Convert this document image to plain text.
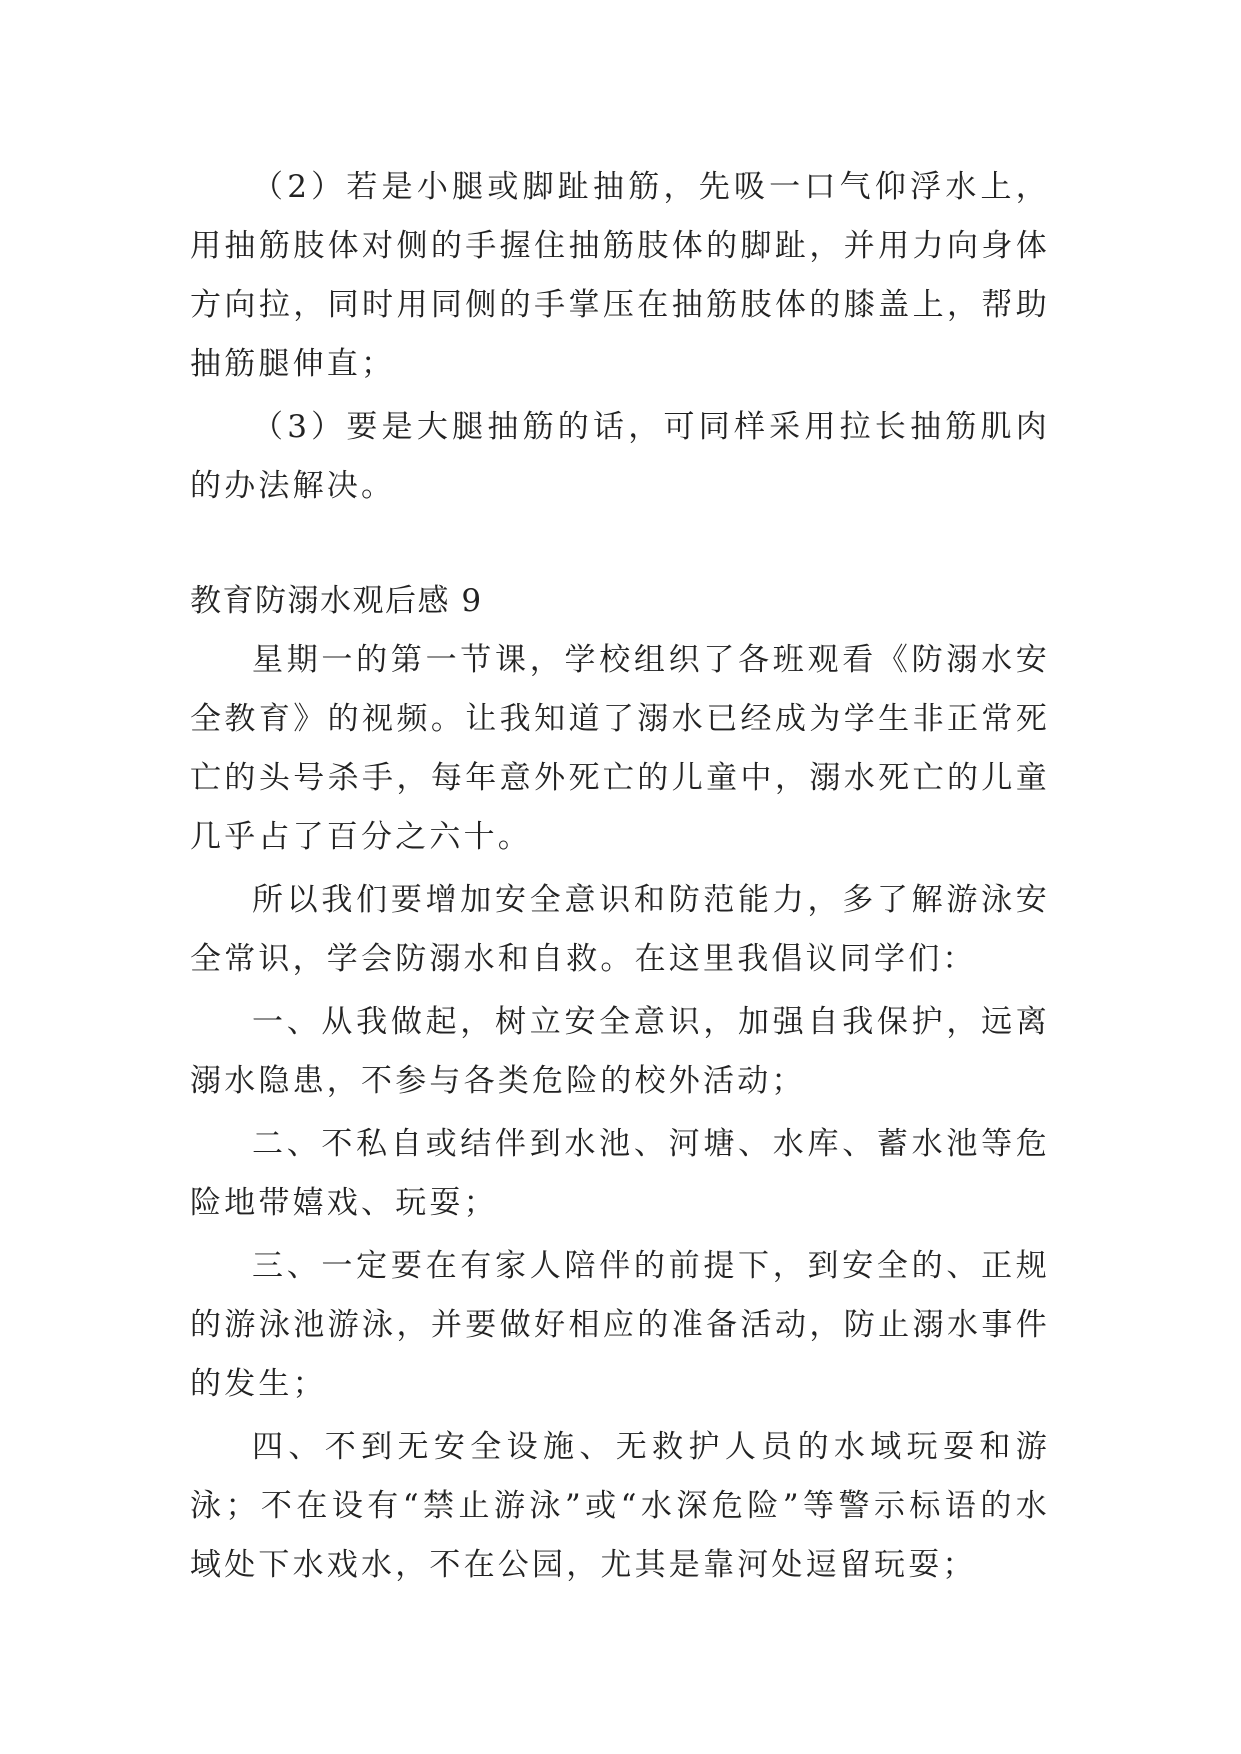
（2）若是小腿或脚趾抽筋，先吸一口气仰浮水上，用抽筋肢体对侧的手握住抽筋肢体的脚趾，并用力向身体方向拉，同时用同侧的手掌压在抽筋肢体的膝盖上，帮助抽筋腿伸直；

（3）要是大腿抽筋的话，可同样采用拉长抽筋肌肉的办法解决。

教育防溺水观后感 9

星期一的第一节课，学校组织了各班观看《防溺水安全教育》的视频。让我知道了溺水已经成为学生非正常死亡的头号杀手，每年意外死亡的儿童中，溺水死亡的儿童几乎占了百分之六十。

所以我们要增加安全意识和防范能力，多了解游泳安全常识，学会防溺水和自救。在这里我倡议同学们：

一、从我做起，树立安全意识，加强自我保护，远离溺水隐患，不参与各类危险的校外活动；

二、不私自或结伴到水池、河塘、水库、蓄水池等危险地带嬉戏、玩耍；

三、一定要在有家人陪伴的前提下，到安全的、正规的游泳池游泳，并要做好相应的准备活动，防止溺水事件的发生；

四、不到无安全设施、无救护人员的水域玩耍和游泳；不在设有“禁止游泳”或“水深危险”等警示标语的水域处下水戏水，不在公园，尤其是靠河处逗留玩耍；
